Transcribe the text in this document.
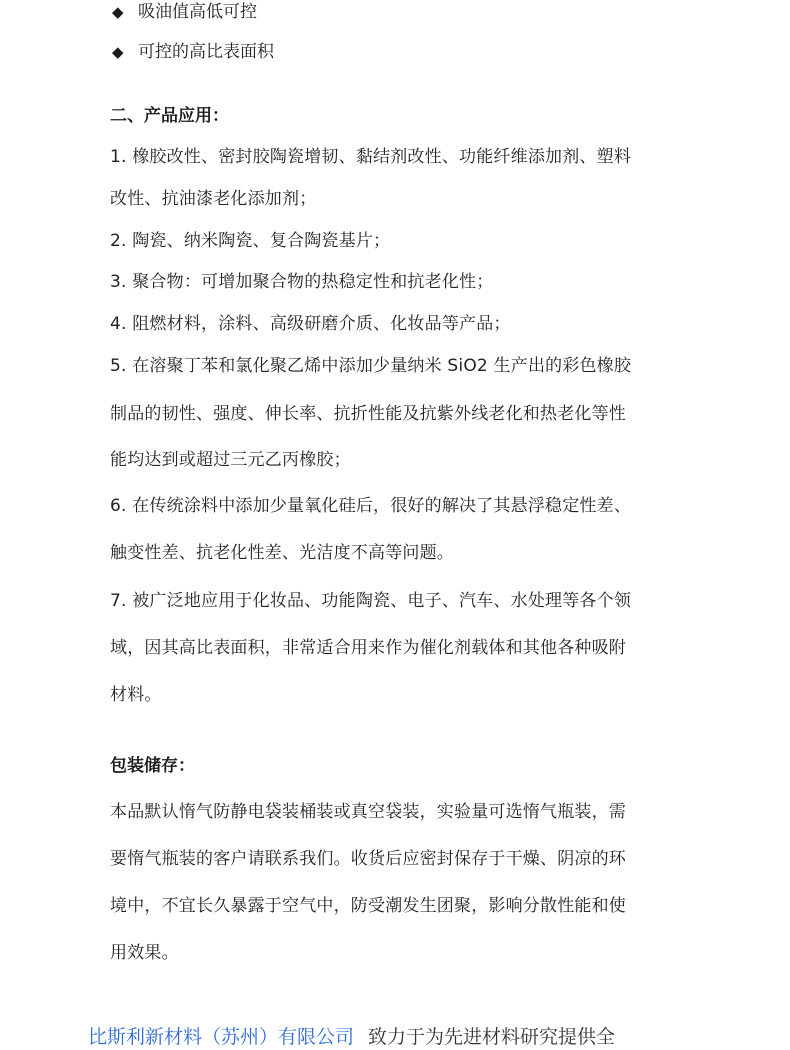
◆ 吸油值高低可控
◆ 可控的高比表面积
二、产品应用：
1. 橡胶改性、密封胶陶瓷增韧、黏结剂改性、功能纤维添加剂、塑料
改性、抗油漆老化添加剂；
2. 陶瓷、纳米陶瓷、复合陶瓷基片；
3. 聚合物：可增加聚合物的热稳定性和抗老化性；
4. 阻燃材料，涂料、高级研磨介质、化妆品等产品；
5. 在溶聚丁苯和氯化聚乙烯中添加少量纳米 SiO2 生产出的彩色橡胶
制品的韧性、强度、伸长率、抗折性能及抗紫外线老化和热老化等性
能均达到或超过三元乙丙橡胶；
6. 在传统涂料中添加少量氧化硅后，很好的解决了其悬浮稳定性差、
触变性差、抗老化性差、光洁度不高等问题。
7. 被广泛地应用于化妆品、功能陶瓷、电子、汽车、水处理等各个领
域，因其高比表面积，非常适合用来作为催化剂载体和其他各种吸附
材料。
包装储存：
本品默认惰气防静电袋装桶装或真空袋装，实验量可选惰气瓶装，需
要惰气瓶装的客户请联系我们。收货后应密封保存于干燥、阴凉的环
境中，不宜长久暴露于空气中，防受潮发生团聚，影响分散性能和使
用效果。
比斯利新材料（苏州）有限公司 致力于为先进材料研究提供全
